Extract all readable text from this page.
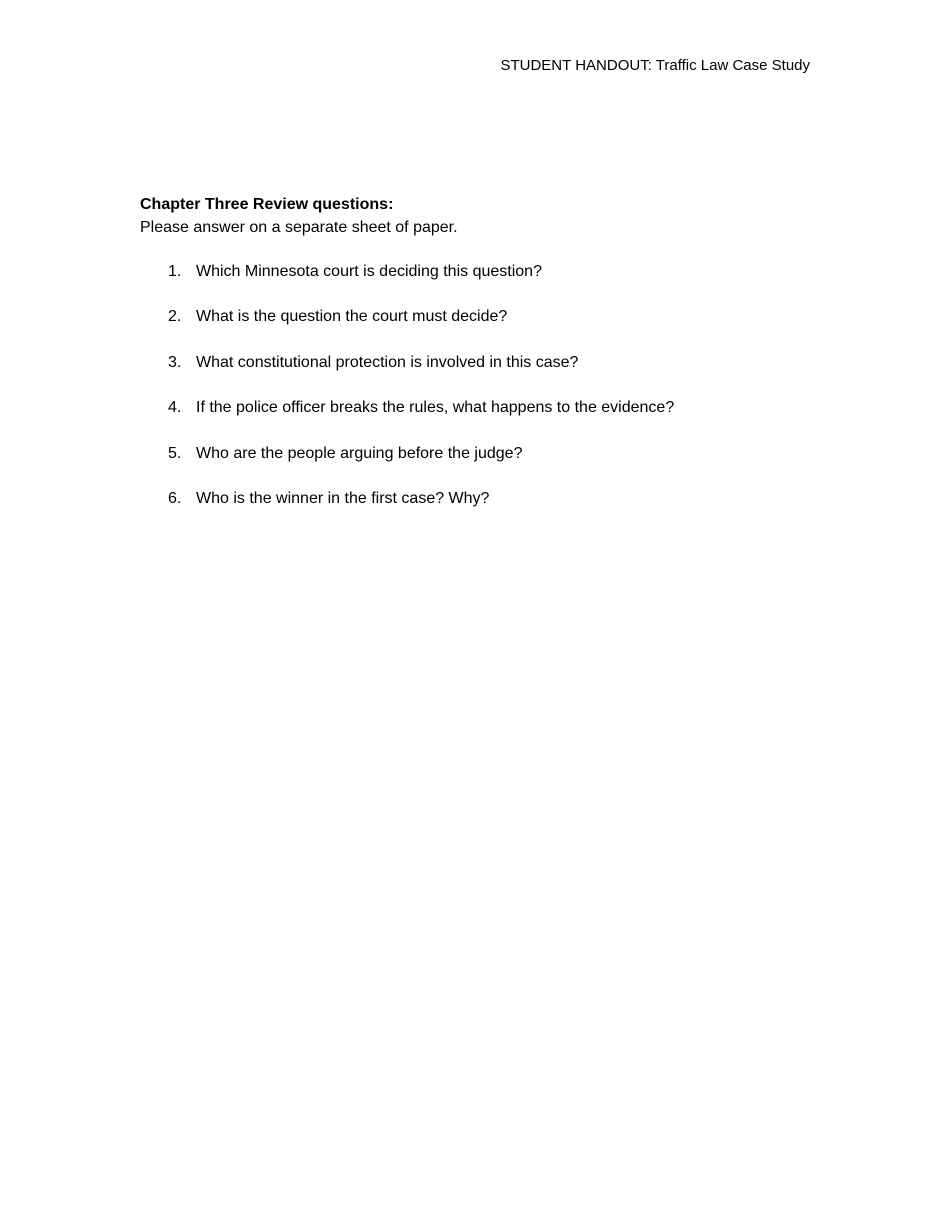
STUDENT HANDOUT: Traffic Law Case Study

Chapter Three Review questions:

Please answer on a separate sheet of paper.

1. Which Minnesota court is deciding this question?
2. What is the question the court must decide?
3. What constitutional protection is involved in this case?
4. If the police officer breaks the rules, what happens to the evidence?
5. Who are the people arguing before the judge?
6. Who is the winner in the first case? Why?
